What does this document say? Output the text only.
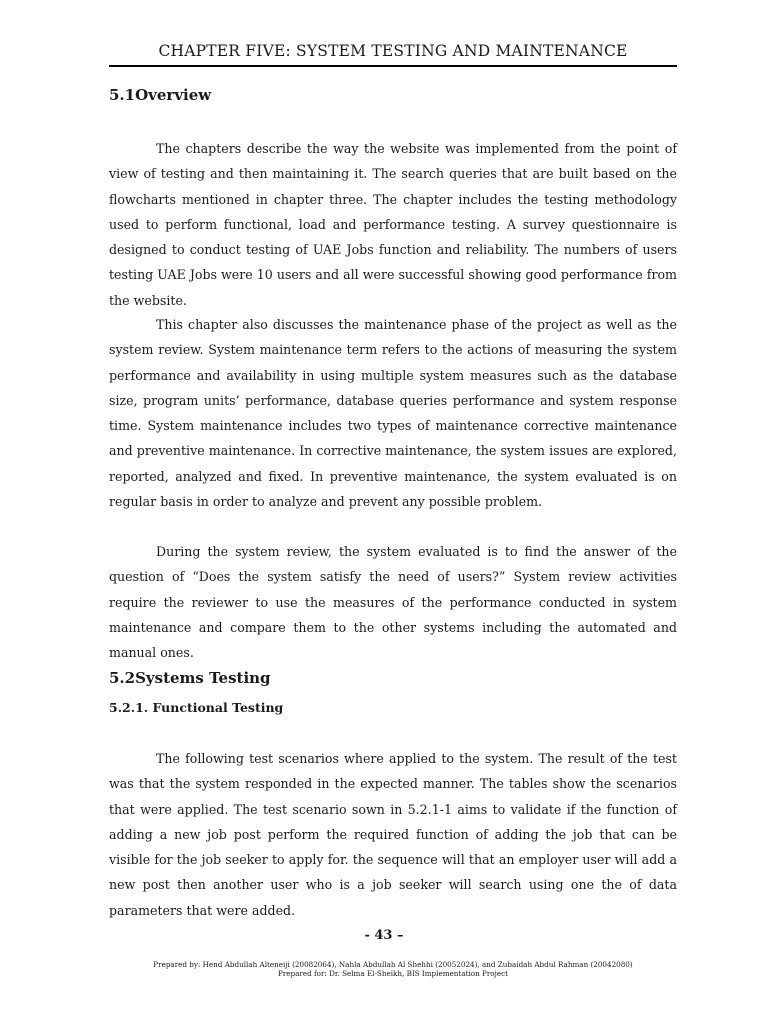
CHAPTER FIVE: SYSTEM TESTING AND MAINTENANCE
5.1Overview

The chapters describe the way the website was implemented from the point of view of testing and then maintaining it. The search queries that are built based on the flowcharts mentioned in chapter three. The chapter includes the testing methodology used to perform functional, load and performance testing. A survey questionnaire is designed to conduct testing of UAE Jobs function and reliability. The numbers of users testing UAE Jobs were 10 users and all were successful showing good performance from the website.

This chapter also discusses the maintenance phase of the project as well as the system review. System maintenance term refers to the actions of measuring the system performance and availability in using multiple system measures such as the database size, program units’ performance, database queries performance and system response time. System maintenance includes two types of maintenance corrective maintenance and preventive maintenance. In corrective maintenance, the system issues are explored, reported, analyzed and fixed. In preventive maintenance, the system evaluated is on regular basis in order to analyze and prevent any possible problem.

During the system review, the system evaluated is to find the answer of the question of “Does the system satisfy the need of users?” System review activities require the reviewer to use the measures of the performance conducted in system maintenance and compare them to the other systems including the automated and manual ones.

5.2Systems Testing
5.2.1. Functional Testing

The following test scenarios where applied to the system. The result of the test was that the system responded in the expected manner. The tables show the scenarios that were applied. The test scenario sown in 5.2.1-1 aims to validate if the function of adding a new job post perform the required function of adding the job that can be visible for the job seeker to apply for. the sequence will that an employer user will add a new post then another user who is a job seeker will search using one the of data parameters that were added.

- 43 –
Prepared by: Hend Abdullah Alteneiji (20082064), Nahla Abdullah Al Shehhi (20052024), and Zubaidah Abdul Rahman (20042080)
Prepared for: Dr. Selma El-Sheikh, BIS Implementation Project
